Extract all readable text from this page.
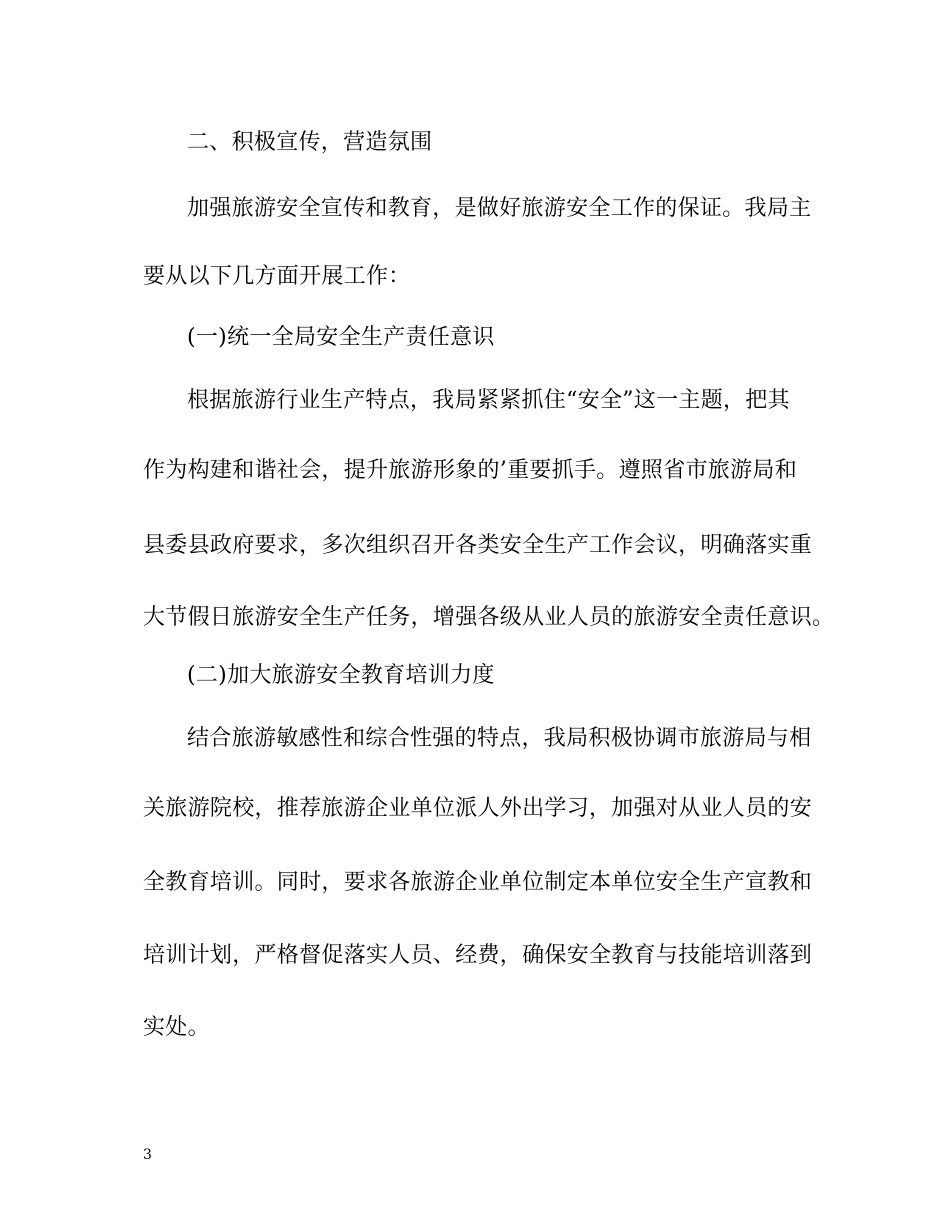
二、积极宣传，营造氛围
加强旅游安全宣传和教育，是做好旅游安全工作的保证。我局主
要从以下几方面开展工作：
(一)统一全局安全生产责任意识
根据旅游行业生产特点，我局紧紧抓住“安全”这一主题，把其
作为构建和谐社会，提升旅游形象的’重要抓手。遵照省市旅游局和
县委县政府要求，多次组织召开各类安全生产工作会议，明确落实重
大节假日旅游安全生产任务，增强各级从业人员的旅游安全责任意识。
(二)加大旅游安全教育培训力度
结合旅游敏感性和综合性强的特点，我局积极协调市旅游局与相
关旅游院校，推荐旅游企业单位派人外出学习，加强对从业人员的安
全教育培训。同时，要求各旅游企业单位制定本单位安全生产宣教和
培训计划，严格督促落实人员、经费，确保安全教育与技能培训落到
实处。
3
